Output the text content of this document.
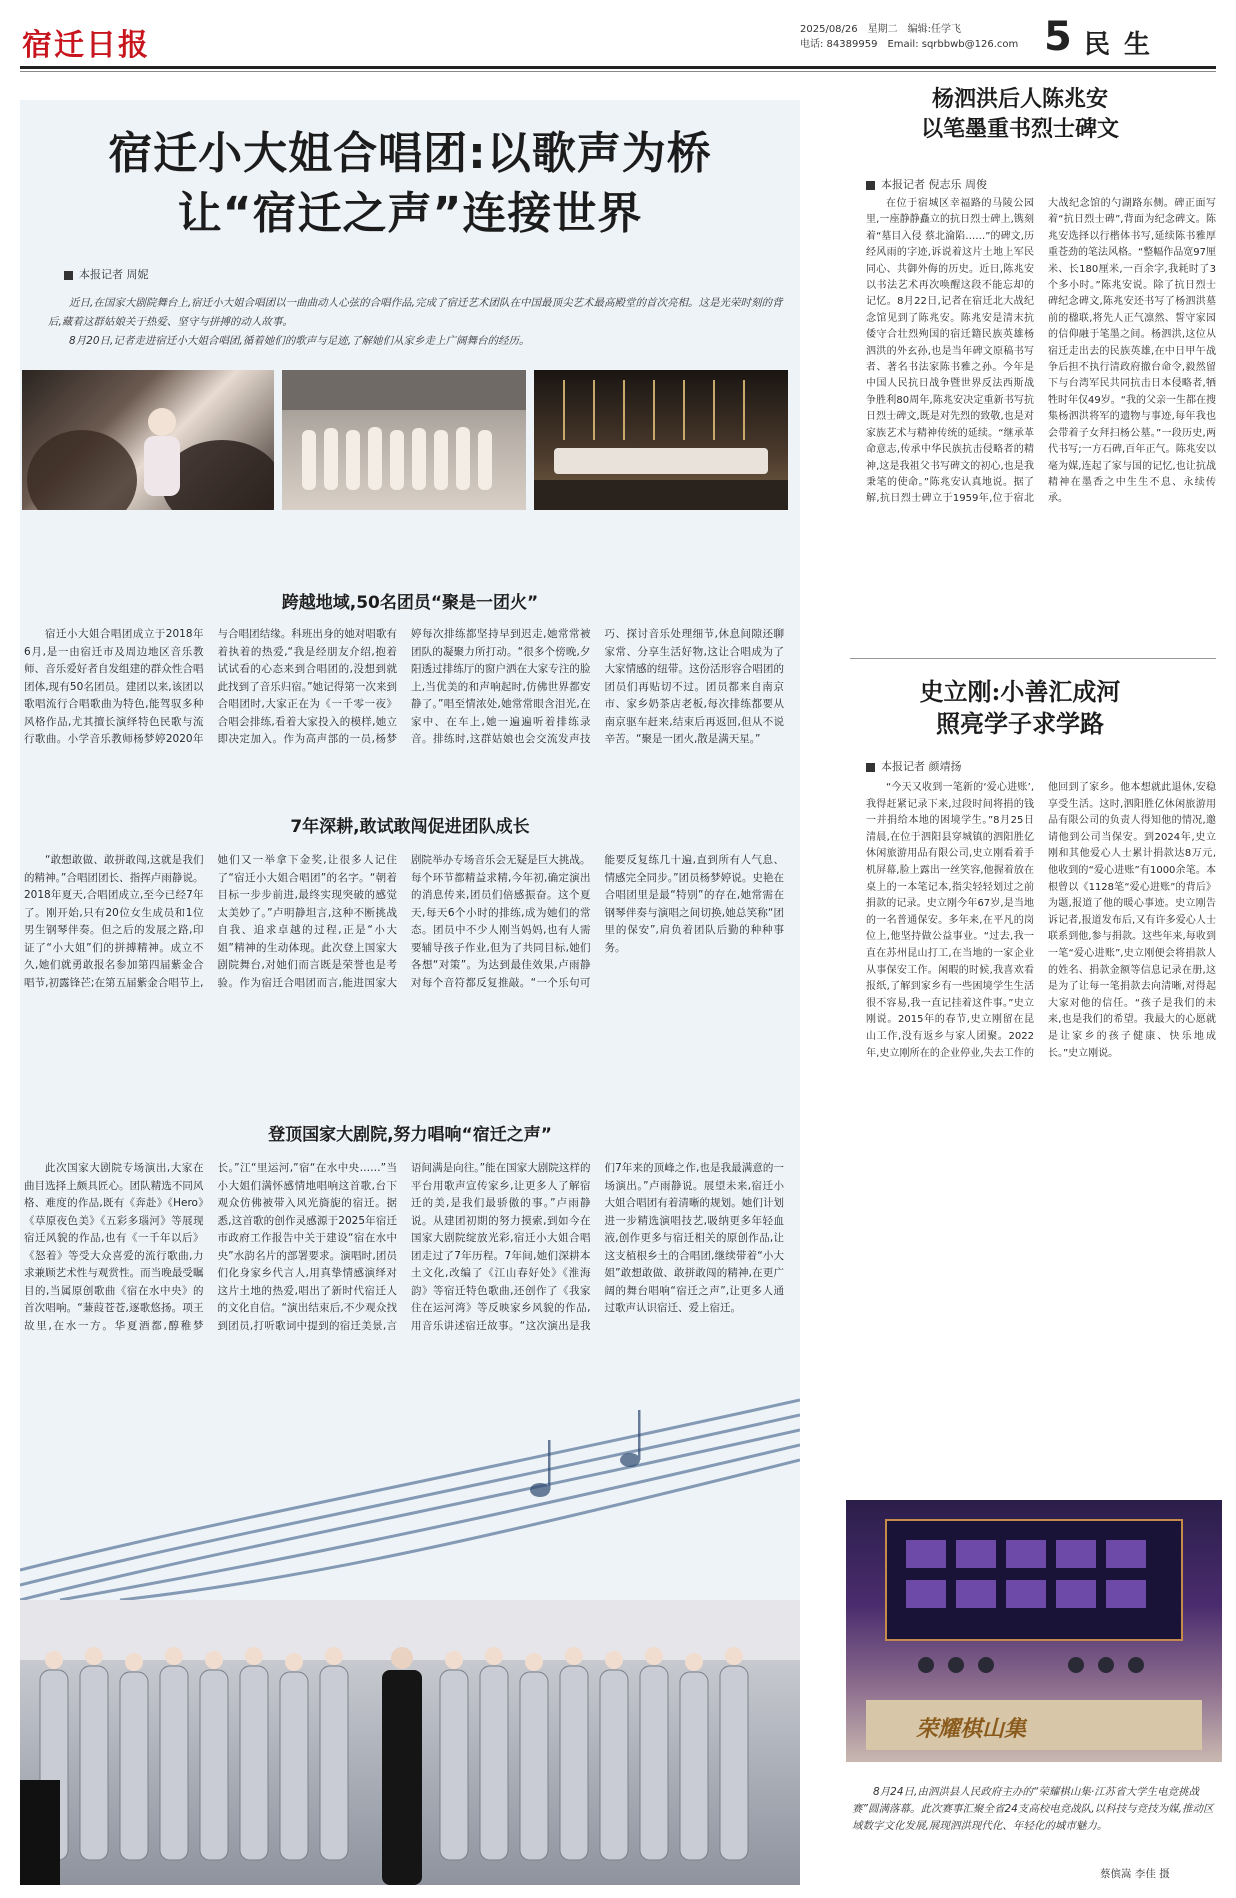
宿迁日报	2025/08/26 星期二 编辑:任学飞
电话: 84389959 Email: sqrbbwb@126.com 5 民生
宿迁小大姐合唱团:以歌声为桥
让“宿迁之声”连接世界
本报记者 周妮
近日,在国家大剧院舞台上,宿迁小大姐合唱团以一曲曲动人心弦的合唱作品,完成了宿迁艺术团队在中国最顶尖艺术最高殿堂的首次亮相。这是光荣时刻的背后,藏着这群姑娘关于热爱、坚守与拼搏的动人故事。
8月20日,记者走进宿迁小大姐合唱团,循着她们的歌声与足迹,了解她们从家乡走上广阔舞台的经历。
跨越地域,50名团员“聚是一团火”
宿迁小大姐合唱团成立于2018年6月,是一由宿迁市及周边地区音乐教师、音乐爱好者自发组建的群众性合唱团体,现有50名团员。建团以来,该团以歌唱流行合唱歌曲为特色,能驾驭多种风格作品,尤其擅长演绎特色民歌与流行歌曲。小学音乐教师杨梦婷2020年与合唱团结缘。科班出身的她对唱歌有着执着的热爱,“我是经朋友介绍,抱着试试看的心态来到合唱团的,没想到就此找到了音乐归宿。”她记得第一次来到合唱团时,大家正在为《一千零一夜》合唱会排练,看着大家投入的模样,她立即决定加入。作为高声部的一员,杨梦婷每次排练都坚持早到迟走,她常常被团队的凝聚力所打动。“很多个傍晚,夕阳透过排练厅的窗户洒在大家专注的脸上,当优美的和声响起时,仿佛世界都安静了。”唱至情浓处,她常常眼含泪光,在家中、在车上,她一遍遍听着排练录音。排练时,这群姑娘也会交流发声技巧、探讨音乐处理细节,休息间隙还聊家常、分享生活好物,这让合唱成为了大家情感的纽带。这份活形容合唱团的团员们再贴切不过。团员都来自南京市、家乡奶茶店老板,每次排练都要从南京驱车赶来,结束后再返回,但从不说辛苦。“聚是一团火,散是满天星。”
7年深耕,敢试敢闯促进团队成长
“敢想敢做、敢拼敢闯,这就是我们的精神。”合唱团团长、指挥卢雨静说。2018年夏天,合唱团成立,至今已经7年了。刚开始,只有20位女生成员和1位男生钢琴伴奏。但之后的发展之路,印证了“小大姐”们的拼搏精神。成立不久,她们就勇敢报名参加第四届紫金合唱节,初露锋芒;在第五届紫金合唱节上,她们又一举拿下金奖,让很多人记住了“宿迁小大姐合唱团”的名字。“朝着目标一步步前进,最终实现突破的感觉太美妙了。”卢明静坦言,这种不断挑战自我、追求卓越的过程,正是“小大姐”精神的生动体现。此次登上国家大剧院舞台,对她们而言既是荣誉也是考验。作为宿迁合唱团而言,能进国家大剧院举办专场音乐会无疑是巨大挑战。每个环节都精益求精,今年初,确定演出的消息传来,团员们倍感振奋。这个夏天,每天6个小时的排练,成为她们的常态。团员中不少人刚当妈妈,也有人需要辅导孩子作业,但为了共同目标,她们各想“对策”。为达到最佳效果,卢雨静对每个音符都反复推敲。“一个乐句可能要反复练几十遍,直到所有人气息、情感完全同步。”团员杨梦婷说。史艳在合唱团里是最“特别”的存在,她常需在钢琴伴奏与演唱之间切换,她总笑称“团里的保安”,肩负着团队后勤的种种事务。
登顶国家大剧院,努力唱响“宿迁之声”
此次国家大剧院专场演出,大家在曲目选择上颇具匠心。团队精选不同风格、难度的作品,既有《奔赴》《Hero》《草原夜色美》《五彩多瑙河》等展现宿迁风貌的作品,也有《一千年以后》《怒着》等受大众喜爱的流行歌曲,力求兼顾艺术性与观赏性。而当晚最受瞩目的,当属原创歌曲《宿在水中央》的首次唱响。“蒹葭苍苍,逐歌悠扬。项王故里,在水一方。华夏酒都,醇稚梦长。”江“里运河,”宿“在水中央……”当小大姐们满怀感情地唱响这首歌,台下观众仿佛被带入风光旖旎的宿迁。据悉,这首歌的创作灵感源于2025年宿迁市政府工作报告中关于建设“宿在水中央”水韵名片的部署要求。演唱时,团员们化身家乡代言人,用真挚情感演绎对这片土地的热爱,唱出了新时代宿迁人的文化自信。“演出结束后,不少观众找到团员,打听歌词中提到的宿迁美景,言语间满是向往。”能在国家大剧院这样的平台用歌声宣传家乡,让更多人了解宿迁的美,是我们最骄傲的事。”卢雨静说。从建团初期的努力摸索,到如今在国家大剧院绽放光彩,宿迁小大姐合唱团走过了7年历程。7年间,她们深耕本土文化,改编了《江山春好处》《淮海韵》等宿迁特色歌曲,还创作了《我家住在运河湾》等反映家乡风貌的作品,用音乐讲述宿迁故事。“这次演出是我们7年来的顶峰之作,也是我最满意的一场演出。”卢雨静说。展望未来,宿迁小大姐合唱团有着清晰的规划。她们计划进一步精选演唱技艺,吸纳更多年轻血液,创作更多与宿迁相关的原创作品,让这支植根乡土的合唱团,继续带着“小大姐”敢想敢做、敢拼敢闯的精神,在更广阔的舞台唱响“宿迁之声”,让更多人通过歌声认识宿迁、爱上宿迁。
杨泗洪后人陈兆安
以笔墨重书烈士碑文
本报记者 倪志乐 周俊
在位于宿城区幸福路的马陵公园里,一座静静矗立的抗日烈士碑上,镌刻着“墓目入侵 蔡北淪陷……”的碑文,历经风雨的字迹,诉说着这片土地上军民同心、共御外侮的历史。近日,陈兆安以书法艺术再次唤醒这段不能忘却的记忆。8月22日,记者在宿迁北大战纪念馆见到了陈兆安。陈兆安是清末抗倭守合壮烈殉国的宿迁籍民族英雄杨泗洪的外玄孙,也是当年碑文原稿书写者、著名书法家陈书雅之孙。今年是中国人民抗日战争暨世界反法西斯战争胜利80周年,陈兆安决定重新书写抗日烈士碑文,既是对先烈的致敬,也是对家族艺术与精神传统的延续。“继承革命意志,传承中华民族抗击侵略者的精神,这是我祖父书写碑文的初心,也是我秉笔的使命。”陈兆安认真地说。据了解,抗日烈士碑立于1959年,位于宿北大战纪念馆的勺湖路东侧。碑正面写着“抗日烈士碑”,背面为纪念碑文。陈兆安选择以行楷体书写,延续陈书雅厚重苍劲的笔法风格。“整幅作品宽97厘米、长180厘米,一百余字,我耗时了3个多小时。”陈兆安说。除了抗日烈士碑纪念碑文,陈兆安还书写了杨泗洪墓前的楹联,将先人正气凛然、誓守家园的信仰融于笔墨之间。杨泗洪,这位从宿迁走出去的民族英雄,在中日甲午战争后担不执行清政府撤台命令,毅然留下与台湾军民共同抗击日本侵略者,牺牲时年仅49岁。“我的父亲一生都在搜集杨泗洪将军的遗物与事迹,每年我也会带着子女拜扫杨公墓。”一段历史,两代书写;一方石碑,百年正气。陈兆安以毫为媒,连起了家与国的记忆,也让抗战精神在墨香之中生生不息、永续传承。
史立刚:小善汇成河
照亮学子求学路
本报记者 颜靖扬
“今天又收到一笔新的‘爱心进账’,我得赶紧记录下来,过段时间将捐的钱一并捐给本地的困境学生。”8月25日清晨,在位于泗阳县穿城镇的泗阳胜亿休闲旅游用品有限公司,史立刚看着手机屏幕,脸上露出一丝笑容,他握着放在桌上的一本笔记本,指尖轻轻划过之前捐款的记录。史立刚今年67岁,是当地的一名普通保安。多年来,在平凡的岗位上,他坚持做公益事业。“过去,我一直在苏州昆山打工,在当地的一家企业从事保安工作。闲暇的时候,我喜欢看报纸,了解到家乡有一些困境学生生活很不容易,我一直记挂着这件事。”史立刚说。2015年的春节,史立刚留在昆山工作,没有返乡与家人团聚。2022年,史立刚所在的企业停业,失去工作的他回到了家乡。他本想就此退休,安稳享受生活。这时,泗阳胜亿休闲旅游用品有限公司的负责人得知他的情况,邀请他到公司当保安。到2024年,史立刚和其他爱心人士累计捐款达8万元,他收到的“爱心进账”有1000余笔。本根曾以《1128笔“爱心进账”的背后》为题,报道了他的暖心事迹。史立刚告诉记者,报道发布后,又有许多爱心人士联系到他,参与捐款。这些年来,每收到一笔“爱心进账”,史立刚便会将捐款人的姓名、捐款金额等信息记录在册,这是为了让每一笔捐款去向清晰,对得起大家对他的信任。“孩子是我们的未来,也是我们的希望。我最大的心愿就是让家乡的孩子健康、快乐地成长。”史立刚说。
荣耀棋山集
8月24日,由泗洪县人民政府主办的“荣耀棋山集·江苏省大学生电竞挑战赛”圆满落幕。此次赛事汇聚全省24支高校电竞战队,以科技与竞技为媒,推动区域数字文化发展,展现泗洪现代化、年轻化的城市魅力。
蔡傧嵩 李佳 摄
